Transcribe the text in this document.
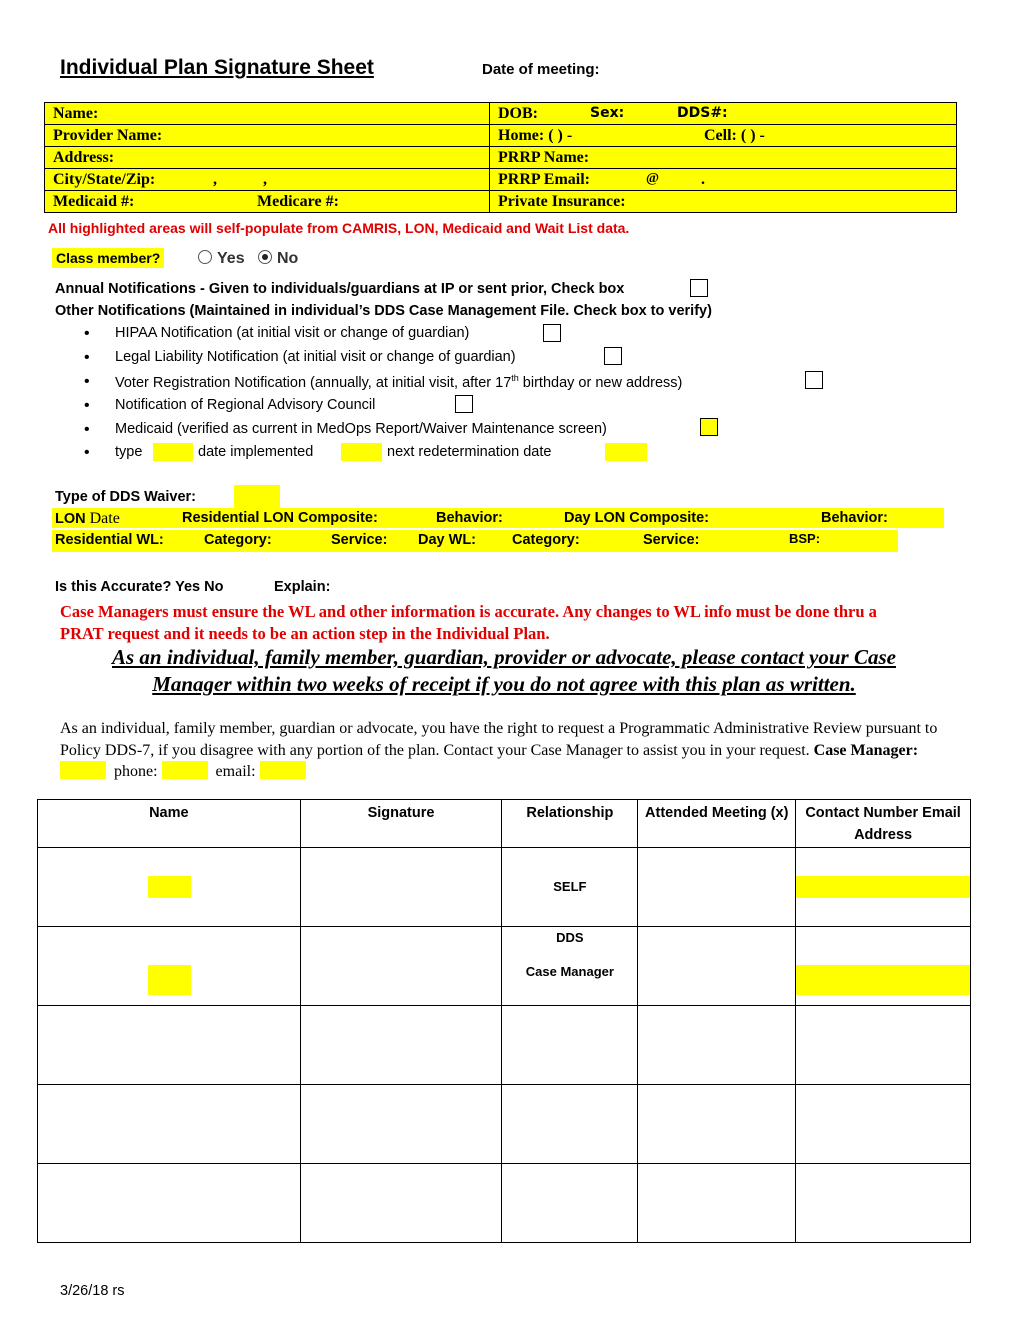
Individual Plan Signature Sheet	Date of meeting:
Name:	DOB: Sex: DDS#:

Provider Name:	Home: ( ) - Cell: ( ) -

Address:	PRRP Name:
City/State/Zip: , ,	PRRP Email: @ .

Medicaid #: Medicare #:	Private Insurance:
All highlighted areas will self-populate from CAMRIS, LON, Medicaid and Wait List data.
Class member?	Yes	No
Annual Notifications - Given to individuals/guardians at IP or sent prior, Check box
Other Notifications (Maintained in individual’s DDS Case Management File. Check box to verify)
HIPAA Notification (at initial visit or change of guardian)
Legal Liability Notification (at initial visit or change of guardian)
Voter Registration Notification (annually, at initial visit, after 17th birthday or new address)
Notification of Regional Advisory Council
Medicaid (verified as current in MedOps Report/Waiver Maintenance screen)
type	date implemented	next redetermination date
Type of DDS Waiver:
LON Date	Residential LON Composite:	Behavior:	Day LON Composite:	Behavior:
Residential WL:	Category:	Service: Day WL: Category:	Service:	BSP:
Is this Accurate? Yes No	Explain:
Case Managers must ensure the WL and other information is accurate. Any changes to WL info must be done thru a
PRAT request and it needs to be an action step in the Individual Plan.
As an individual, family member, guardian, provider or advocate, please contact your Case
Manager within two weeks of receipt if you do not agree with this plan as written.
As an individual, family member, guardian or advocate, you have the right to request a Programmatic Administrative Review pursuant to Policy DDS-7, if you disagree with any portion of the plan. Contact your Case Manager to assist you in your request. Case Manager:   phone:	email:
Name	Signature	Relationship	Attended Meeting (x)	Contact Number Email Address

		SELF		

		DDS
Case Manager		

3/26/18 rs
